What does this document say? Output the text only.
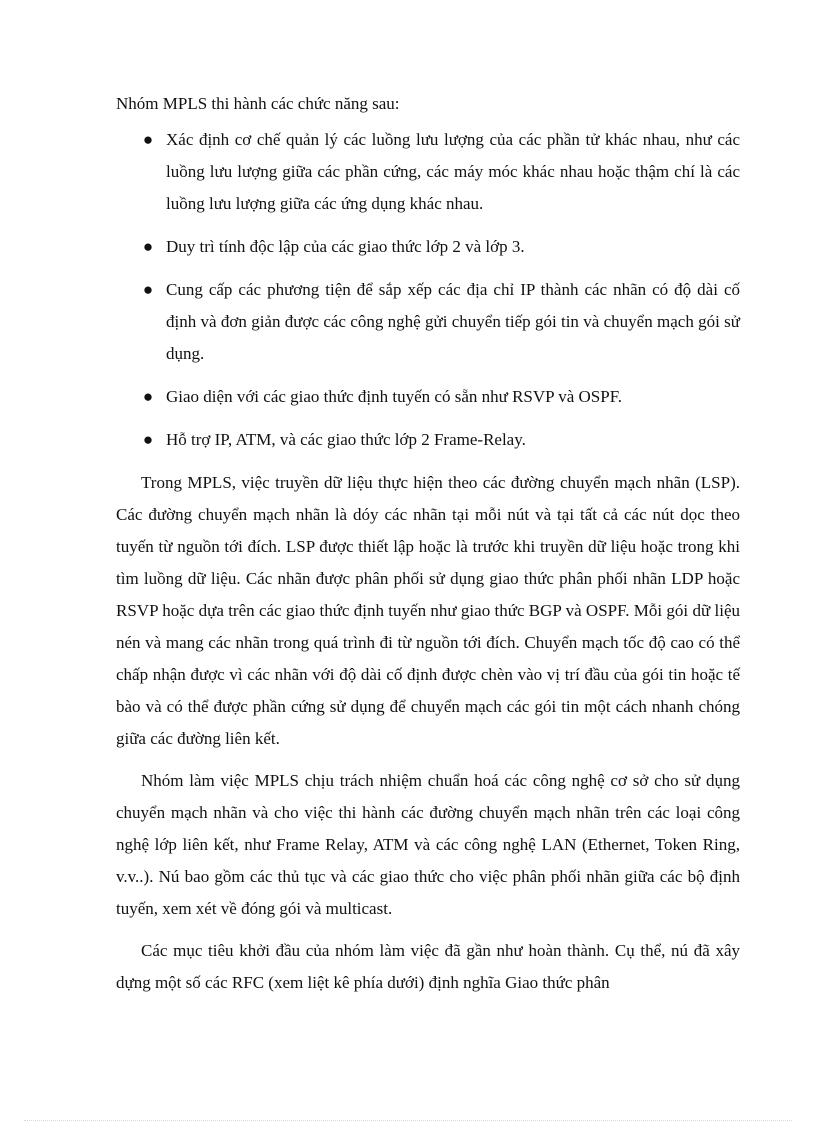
Nhóm MPLS thi hành các chức năng sau:

● Xác định cơ chế quản lý các luồng lưu lượng của các phần tử khác nhau, như các luồng lưu lượng giữa các phần cứng, các máy móc khác nhau hoặc thậm chí là các luồng lưu lượng giữa các ứng dụng khác nhau.
● Duy trì tính độc lập của các giao thức lớp 2 và lớp 3.
● Cung cấp các phương tiện để sắp xếp các địa chỉ IP thành các nhãn có độ dài cố định và đơn giản được các công nghệ gửi chuyển tiếp gói tin và chuyển mạch gói sử dụng.
● Giao diện với các giao thức định tuyến có sẵn như RSVP và OSPF.
● Hỗ trợ IP, ATM, và các giao thức lớp 2 Frame-Relay.

Trong MPLS, việc truyền dữ liệu thực hiện theo các đường chuyển mạch nhãn (LSP). Các đường chuyển mạch nhãn là dóy các nhãn tại mỗi nút và tại tất cả các nút dọc theo tuyến từ nguồn tới đích. LSP được thiết lập hoặc là trước khi truyền dữ liệu hoặc trong khi tìm luồng dữ liệu. Các nhãn được phân phối sử dụng giao thức phân phối nhãn LDP hoặc RSVP hoặc dựa trên các giao thức định tuyến như giao thức BGP và OSPF. Mỗi gói dữ liệu nén và mang các nhãn trong quá trình đi từ nguồn tới đích. Chuyển mạch tốc độ cao có thể chấp nhận được vì các nhãn với độ dài cố định được chèn vào vị trí đầu của gói tin hoặc tế bào và có thể được phần cứng sử dụng để chuyển mạch các gói tin một cách nhanh chóng giữa các đường liên kết.

Nhóm làm việc MPLS chịu trách nhiệm chuẩn hoá các công nghệ cơ sở cho sử dụng chuyển mạch nhãn và cho việc thi hành các đường chuyển mạch nhãn trên các loại công nghệ lớp liên kết, như Frame Relay, ATM và các công nghệ LAN (Ethernet, Token Ring, v.v..). Nú bao gồm các thủ tục và các giao thức cho việc phân phối nhãn giữa các bộ định tuyến, xem xét về đóng gói và multicast.

Các mục tiêu khởi đầu của nhóm làm việc đã gần như hoàn thành. Cụ thể, nú đã xây dựng một số các RFC (xem liệt kê phía dưới) định nghĩa Giao thức phân
